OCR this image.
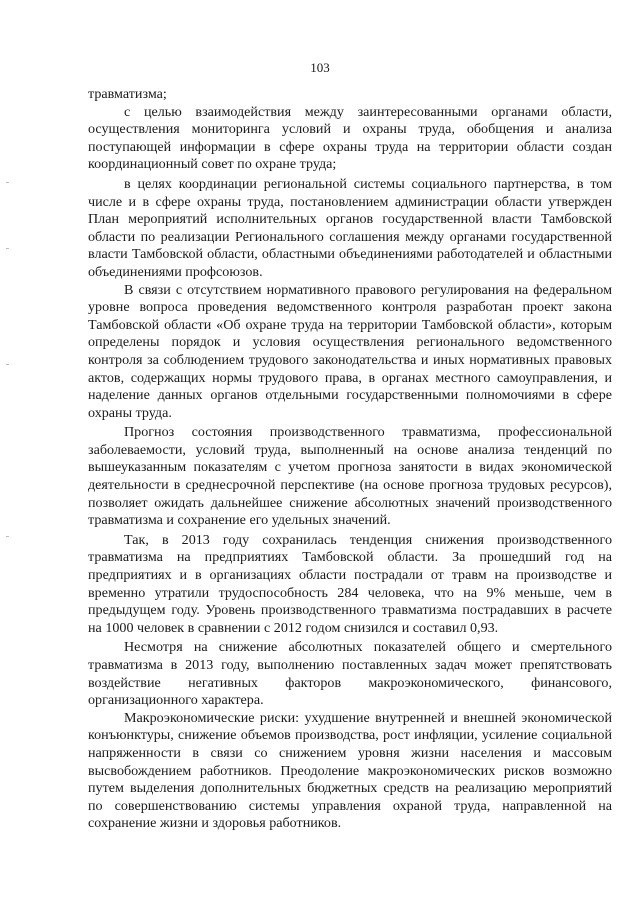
103

травматизма;

с целью взаимодействия между заинтересованными органами области, осуществления мониторинга условий и охраны труда, обобщения и анализа поступающей информации в сфере охраны труда на территории области создан координационный совет по охране труда;

в целях координации региональной системы социального партнерства, в том числе и в сфере охраны труда, постановлением администрации области утвержден План мероприятий исполнительных органов государственной власти Тамбовской области по реализации Регионального соглашения между органами государственной власти Тамбовской области, областными объединениями работодателей и областными объединениями профсоюзов.

В связи с отсутствием нормативного правового регулирования на федеральном уровне вопроса проведения ведомственного контроля разработан проект закона Тамбовской области «Об охране труда на территории Тамбовской области», которым определены порядок и условия осуществления регионального ведомственного контроля за соблюдением трудового законодательства и иных нормативных правовых актов, содержащих нормы трудового права, в органах местного самоуправления, и наделение данных органов отдельными государственными полномочиями в сфере охраны труда.

Прогноз состояния производственного травматизма, профессиональной заболеваемости, условий труда, выполненный на основе анализа тенденций по вышеуказанным показателям с учетом прогноза занятости в видах экономической деятельности в среднесрочной перспективе (на основе прогноза трудовых ресурсов), позволяет ожидать дальнейшее снижение абсолютных значений производственного травматизма и сохранение его удельных значений.

Так, в 2013 году сохранилась тенденция снижения производственного травматизма на предприятиях Тамбовской области. За прошедший год на предприятиях и в организациях области пострадали от травм на производстве и временно утратили трудоспособность 284 человека, что на 9% меньше, чем в предыдущем году. Уровень производственного травматизма пострадавших в расчете на 1000 человек в сравнении с 2012 годом снизился и составил 0,93.

Несмотря на снижение абсолютных показателей общего и смертельного травматизма в 2013 году, выполнению поставленных задач может препятствовать воздействие негативных факторов макроэкономического, финансового, организационного характера.

Макроэкономические риски: ухудшение внутренней и внешней экономической конъюнктуры, снижение объемов производства, рост инфляции, усиление социальной напряженности в связи со снижением уровня жизни населения и массовым высвобождением работников. Преодоление макроэкономических рисков возможно путем выделения дополнительных бюджетных средств на реализацию мероприятий по совершенствованию системы управления охраной труда, направленной на сохранение жизни и здоровья работников.
